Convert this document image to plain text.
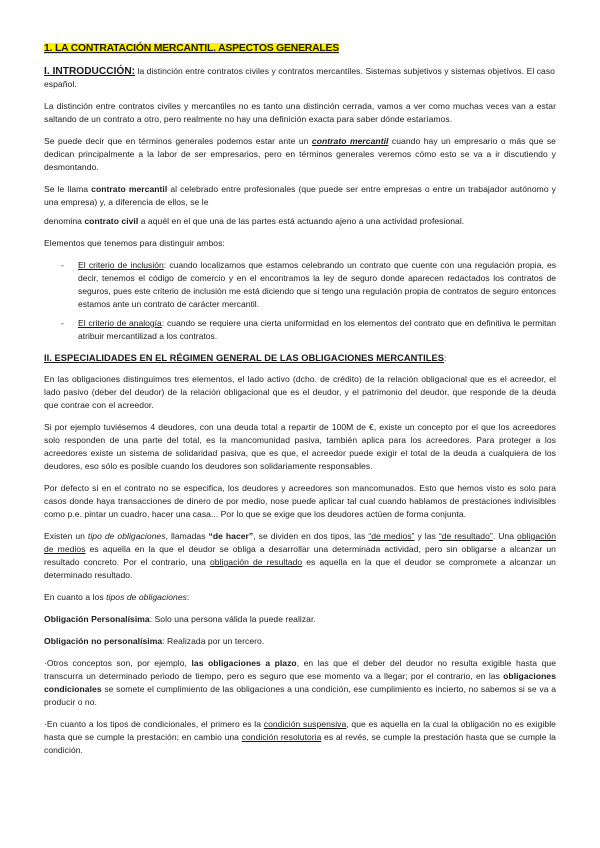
1. LA CONTRATACIÓN MERCANTIL. ASPECTOS GENERALES

I. INTRODUCCIÓN: la distinción entre contratos civiles y contratos mercantiles. Sistemas subjetivos y sistemas objetivos. El caso español.

La distinción entre contratos civiles y mercantiles no es tanto una distinción cerrada, vamos a ver como muchas veces van a estar saltando de un contrato a otro, pero realmente no hay una definición exacta para saber dónde estaríamos.

Se puede decir que en términos generales podemos estar ante un contrato mercantil cuando hay un empresario o más que se dedican principalmente a la labor de ser empresarios, pero en términos generales veremos cómo esto se va a ir discutiendo y desmontando.

Se le llama contrato mercantil al celebrado entre profesionales (que puede ser entre empresas o entre un trabajador autónomo y una empresa) y, a diferencia de ellos, se le

denomina contrato civil a aquél en el que una de las partes está actuando ajeno a una actividad profesional.

Elementos que tenemos para distinguir ambos:

- El criterio de inclusión: cuando localizamos que estamos celebrando un contrato que cuente con una regulación propia, es decir, tenemos el código de comercio y en el encontramos la ley de seguro donde aparecen redactados los contratos de seguros, pues este criterio de inclusión me está diciendo que si tengo una regulación propia de contratos de seguro entonces estamos ante un contrato de carácter mercantil.
- El criterio de analogía: cuando se requiere una cierta uniformidad en los elementos del contrato que en definitiva le permitan atribuir mercantilizad a los contratos.

II. ESPECIALIDADES EN EL RÉGIMEN GENERAL DE LAS OBLIGACIONES MERCANTILES:

En las obligaciones distinguimos tres elementos, el lado activo (dcho. de crédito) de la relación obligacional que es el acreedor, el lado pasivo (deber del deudor) de la relación obligacional que es el deudor, y el patrimonio del deudor, que responde de la deuda que contrae con el acreedor.

Si por ejemplo tuviésemos 4 deudores, con una deuda total a repartir de 100M de €, existe un concepto por el que los acreedores solo responden de una parte del total, es la mancomunidad pasiva, también aplica para los acreedores. Para proteger a los acreedores existe un sistema de solidaridad pasiva, que es que, el acreedor puede exigir el total de la deuda a cualquiera de los deudores, eso sólo es posible cuando los deudores son solidariamente responsables.

Por defecto si en el contrato no se especifica, los deudores y acreedores son mancomunados. Esto que hemos visto es solo para casos donde haya transacciones de dinero de por medio, nose puede aplicar tal cual cuando hablamos de prestaciones indivisibles como p.e. pintar un cuadro, hacer una casa... Por lo que se exige que los deudores actúen de forma conjunta.

Existen un tipo de obligaciones, llamadas “de hacer”, se dividen en dos tipos, las “de medios” y las “de resultado”. Una obligación de medios es aquella en la que el deudor se obliga a desarrollar una determinada actividad, pero sin obligarse a alcanzar un resultado concreto. Por el contrario, una obligación de resultado es aquella en la que el deudor se compromete a alcanzar un determinado resultado.

En cuanto a los tipos de obligaciones:

Obligación Personalísima: Solo una persona válida la puede realizar.

Obligación no personalísima: Realizada por un tercero.

·Otros conceptos son, por ejemplo, las obligaciones a plazo, en las que el deber del deudor no resulta exigible hasta que transcurra un determinado periodo de tiempo, pero es seguro que ese momento va a llegar; por el contrario, en las obligaciones condicionales se somete el cumplimiento de las obligaciones a una condición, ese cumplimiento es incierto, no sabemos si se va a producir o no.

·En cuanto a los tipos de condicionales, el primero es la condición suspensiva, que es aquella en la cual la obligación no es exigible hasta que se cumple la prestación; en cambio una condición resolutoria es al revés, se cumple la prestación hasta que se cumple la condición.
